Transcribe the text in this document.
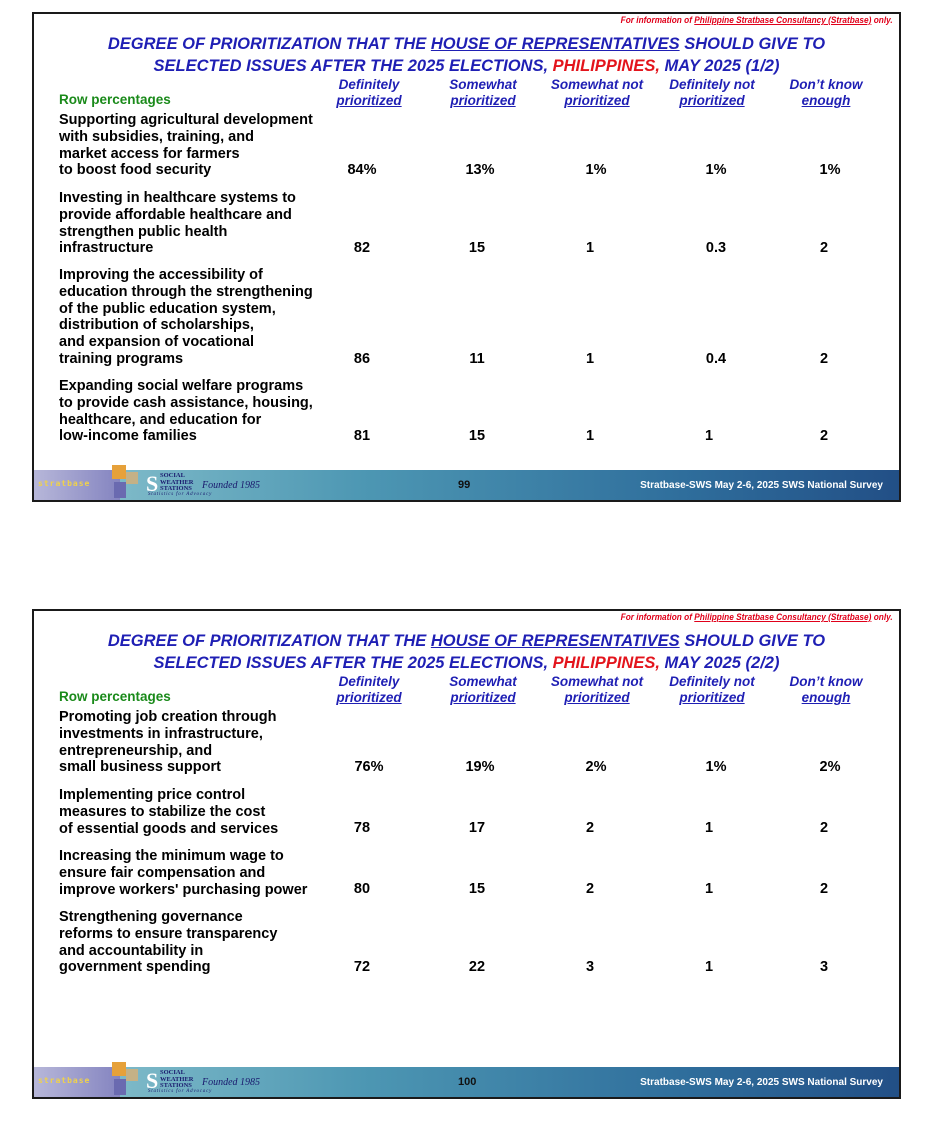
For information of Philippine Stratbase Consultancy (Stratbase) only.
DEGREE OF PRIORITIZATION THAT THE HOUSE OF REPRESENTATIVES SHOULD GIVE TO
SELECTED ISSUES AFTER THE 2025 ELECTIONS, PHILIPPINES, MAY 2025 (1/2)
Row percentages
Definitely
prioritized
Somewhat
prioritized
Somewhat not
prioritized
Definitely not
prioritized
Don’t know
enough
Supporting agricultural development
with subsidies, training, and
market access for farmers
to boost food security	84%	13%	1%	1%	1%
Investing in healthcare systems to
provide affordable healthcare and
strengthen public health
infrastructure	82	15	1	0.3	2
Improving the accessibility of
education through the strengthening
of the public education system,
distribution of scholarships,
and expansion of vocational
training programs	86	11	1	0.4	2
Expanding social welfare programs
to provide cash assistance, housing,
healthcare, and education for
low-income families	81	15	1	1	2
stratbase	S SOCIAL
WEATHER
STATIONS Founded 1985
Statistics for Advocacy
99	Stratbase-SWS May 2-6, 2025 SWS National Survey
For information of Philippine Stratbase Consultancy (Stratbase) only.
DEGREE OF PRIORITIZATION THAT THE HOUSE OF REPRESENTATIVES SHOULD GIVE TO
SELECTED ISSUES AFTER THE 2025 ELECTIONS, PHILIPPINES, MAY 2025 (2/2)
Row percentages
Definitely
prioritized
Somewhat
prioritized
Somewhat not
prioritized
Definitely not
prioritized
Don’t know
enough
Promoting job creation through
investments in infrastructure,
entrepreneurship, and
small business support	76%	19%	2%	1%	2%
Implementing price control
measures to stabilize the cost
of essential goods and services	78	17	2	1	2
Increasing the minimum wage to
ensure fair compensation and
improve workers' purchasing power	80	15	2	1	2
Strengthening governance
reforms to ensure transparency
and accountability in
government spending	72	22	3	1	3
stratbase	S SOCIAL
WEATHER
STATIONS Founded 1985
Statistics for Advocacy
100	Stratbase-SWS May 2-6, 2025 SWS National Survey
